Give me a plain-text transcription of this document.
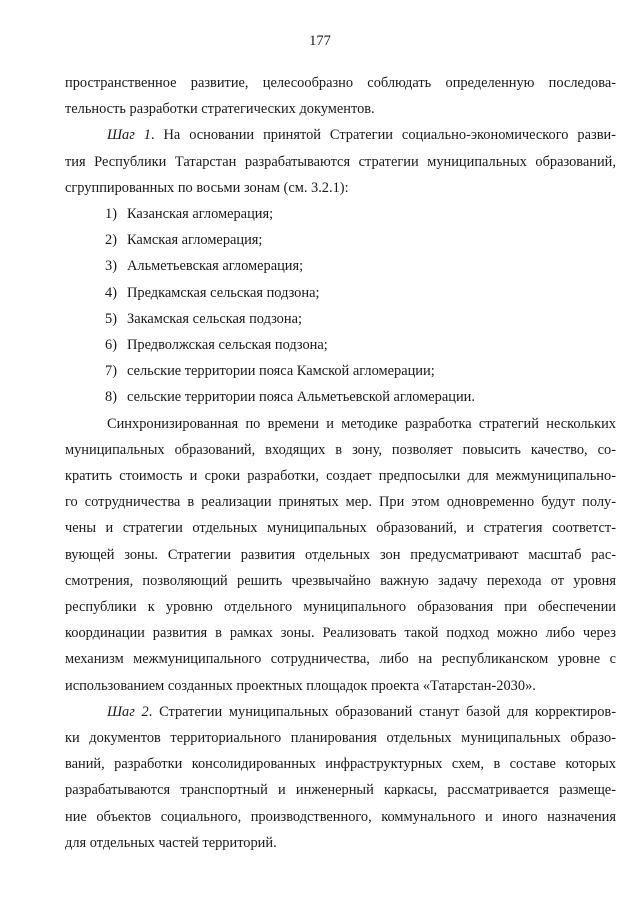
177

пространственное развитие, целесообразно соблюдать определенную последова-
тельность разработки стратегических документов.

Шаг 1. На основании принятой Стратегии социально-экономического разви-
тия Республики Татарстан разрабатываются стратегии муниципальных образований,
сгруппированных по восьми зонам (см. 3.2.1):

1) Казанская агломерация;
2) Камская агломерация;
3) Альметьевская агломерация;
4) Предкамская сельская подзона;
5) Закамская сельская подзона;
6) Предволжская сельская подзона;
7) сельские территории пояса Камской агломерации;
8) сельские территории пояса Альметьевской агломерации.

Синхронизированная по времени и методике разработка стратегий нескольких
муниципальных образований, входящих в зону, позволяет повысить качество, со-
кратить стоимость и сроки разработки, создает предпосылки для межмуниципально-
го сотрудничества в реализации принятых мер. При этом одновременно будут полу-
чены и стратегии отдельных муниципальных образований, и стратегия соответст-
вующей зоны. Стратегии развития отдельных зон предусматривают масштаб рас-
смотрения, позволяющий решить чрезвычайно важную задачу перехода от уровня
республики к уровню отдельного муниципального образования при обеспечении
координации развития в рамках зоны. Реализовать такой подход можно либо через
механизм межмуниципального сотрудничества, либо на республиканском уровне с
использованием созданных проектных площадок проекта «Татарстан-2030».

Шаг 2. Стратегии муниципальных образований станут базой для корректиров-
ки документов территориального планирования отдельных муниципальных образо-
ваний, разработки консолидированных инфраструктурных схем, в составе которых
разрабатываются транспортный и инженерный каркасы, рассматривается размеще-
ние объектов социального, производственного, коммунального и иного назначения
для отдельных частей территорий.
